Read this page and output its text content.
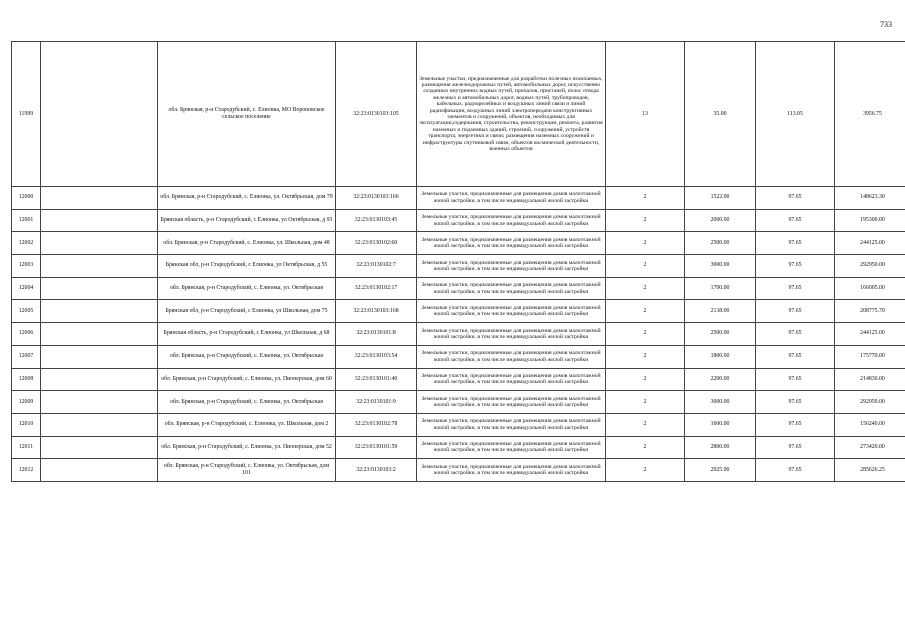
733
11999		обл. Брянская, р-н Стародубский, с. Елионка, МО Вороновское сельское поселение	32:23:0130103:105	Земельные участки, предназначенные для разработки полезных ископаемых, размещения железнодорожных путей, автомобильных дорог, искусственно созданных внутренних водных путей, причалов, пристаней, полос отвода железных и автомобильных дорог, водных путей, трубопроводов, кабельных, радиорелейных и воздушных линий связи и линий радиофикации, воздушных линий электропередачи конструктивных элементов и сооружений, объектов, необходимых для эксплуатации,содержания, строительства, реконструкции, ремонта, развития наземных и подземных зданий, строений, сооружений, устройств транспорта, энергетики и связи; размещения наземных сооружений и инфраструктуры спутниковой связи, объектов космической деятельности, военных объектов	13	35.00	113.05	3956.75
12000		обл. Брянская, р-н Стародубский, с. Елионка, ул. Октябрьская, дом 79	32:23:0130103:166	Земельные участки, предназначенные для размещения домов малоэтажной жилой застройки, в том числе индивидуальной жилой застройки	2	1522.00	97.65	148623.30
12001		Брянская область, р-н Стародубский, с Елионка, ул Октябрьская, д 93	32:23:0130103:45	Земельные участки, предназначенные для размещения домов малоэтажной жилой застройки, в том числе индивидуальной жилой застройки	2	2000.00	97.65	195300.00
12002		обл. Брянская, р-н Стародубский, с. Елионка, ул. Школьная, дом 48	32:23:0130102:60	Земельные участки, предназначенные для размещения домов малоэтажной жилой застройки, в том числе индивидуальной жилой застройки	2	2500.00	97.65	244125.00
12003		Брянская обл, р-н Стародубский, с Елионка, ул Октябрьская, д 55	32:23:0130102:7	Земельные участки, предназначенные для размещения домов малоэтажной жилой застройки, в том числе индивидуальной жилой застройки	2	3000.00	97.65	292950.00
12004		обл. Брянская, р-н Стародубский, с. Елионка, ул. Октябрьская	32:23:0130102:17	Земельные участки, предназначенные для размещения домов малоэтажной жилой застройки, в том числе индивидуальной жилой застройки	2	1700.00	97.65	166005.00
12005		Брянская обл, р-н Стародубский, с Елионка, ул Школьная, дом 75	32:23:0130103:168	Земельные участки, предназначенные для размещения домов малоэтажной жилой застройки, в том числе индивидуальной жилой застройки	2	2138.00	97.65	208775.70
12006		Брянская область, р-н Стародубский, с Елионка, ул Школьная, д 68	32:23:0130101:8	Земельные участки, предназначенные для размещения домов малоэтажной жилой застройки, в том числе индивидуальной жилой застройки	2	2500.00	97.65	244125.00
12007		обл. Брянская, р-н Стародубский, с. Елионка, ул. Октябрьская	32:23:0130103:54	Земельные участки, предназначенные для размещения домов малоэтажной жилой застройки, в том числе индивидуальной жилой застройки	2	1800.00	97.65	175770.00
12008		обл. Брянская, р-н Стародубский, с. Елионка, ул. Пионерская, дом 60	32:23:0130101:40	Земельные участки, предназначенные для размещения домов малоэтажной жилой застройки, в том числе индивидуальной жилой застройки	2	2200.00	97.65	214830.00
12009		обл. Брянская, р-н Стародубский, с. Елионка, ул. Октябрьская	32:23:0130101:9	Земельные участки, предназначенные для размещения домов малоэтажной жилой застройки, в том числе индивидуальной жилой застройки	2	3000.00	97.65	292950.00
12010		обл. Брянская, р-н Стародубский, с. Елионка, ул. Школьная, дом 2	32:23:0130102:78	Земельные участки, предназначенные для размещения домов малоэтажной жилой застройки, в том числе индивидуальной жилой застройки	2	1600.00	97.65	156240.00
12011		обл. Брянская, р-н Стародубский, с. Елионка, ул. Пионерская, дом 52	32:23:0130101:59	Земельные участки, предназначенные для размещения домов малоэтажной жилой застройки, в том числе индивидуальной жилой застройки	2	2800.00	97.65	273420.00
12012		обл. Брянская, р-н Стародубский, с. Елионка, ул. Октябрьская, дом 101	32:23:0130103:2	Земельные участки, предназначенные для размещения домов малоэтажной жилой застройки, в том числе индивидуальной жилой застройки	2	2925.00	97.65	285626.25
